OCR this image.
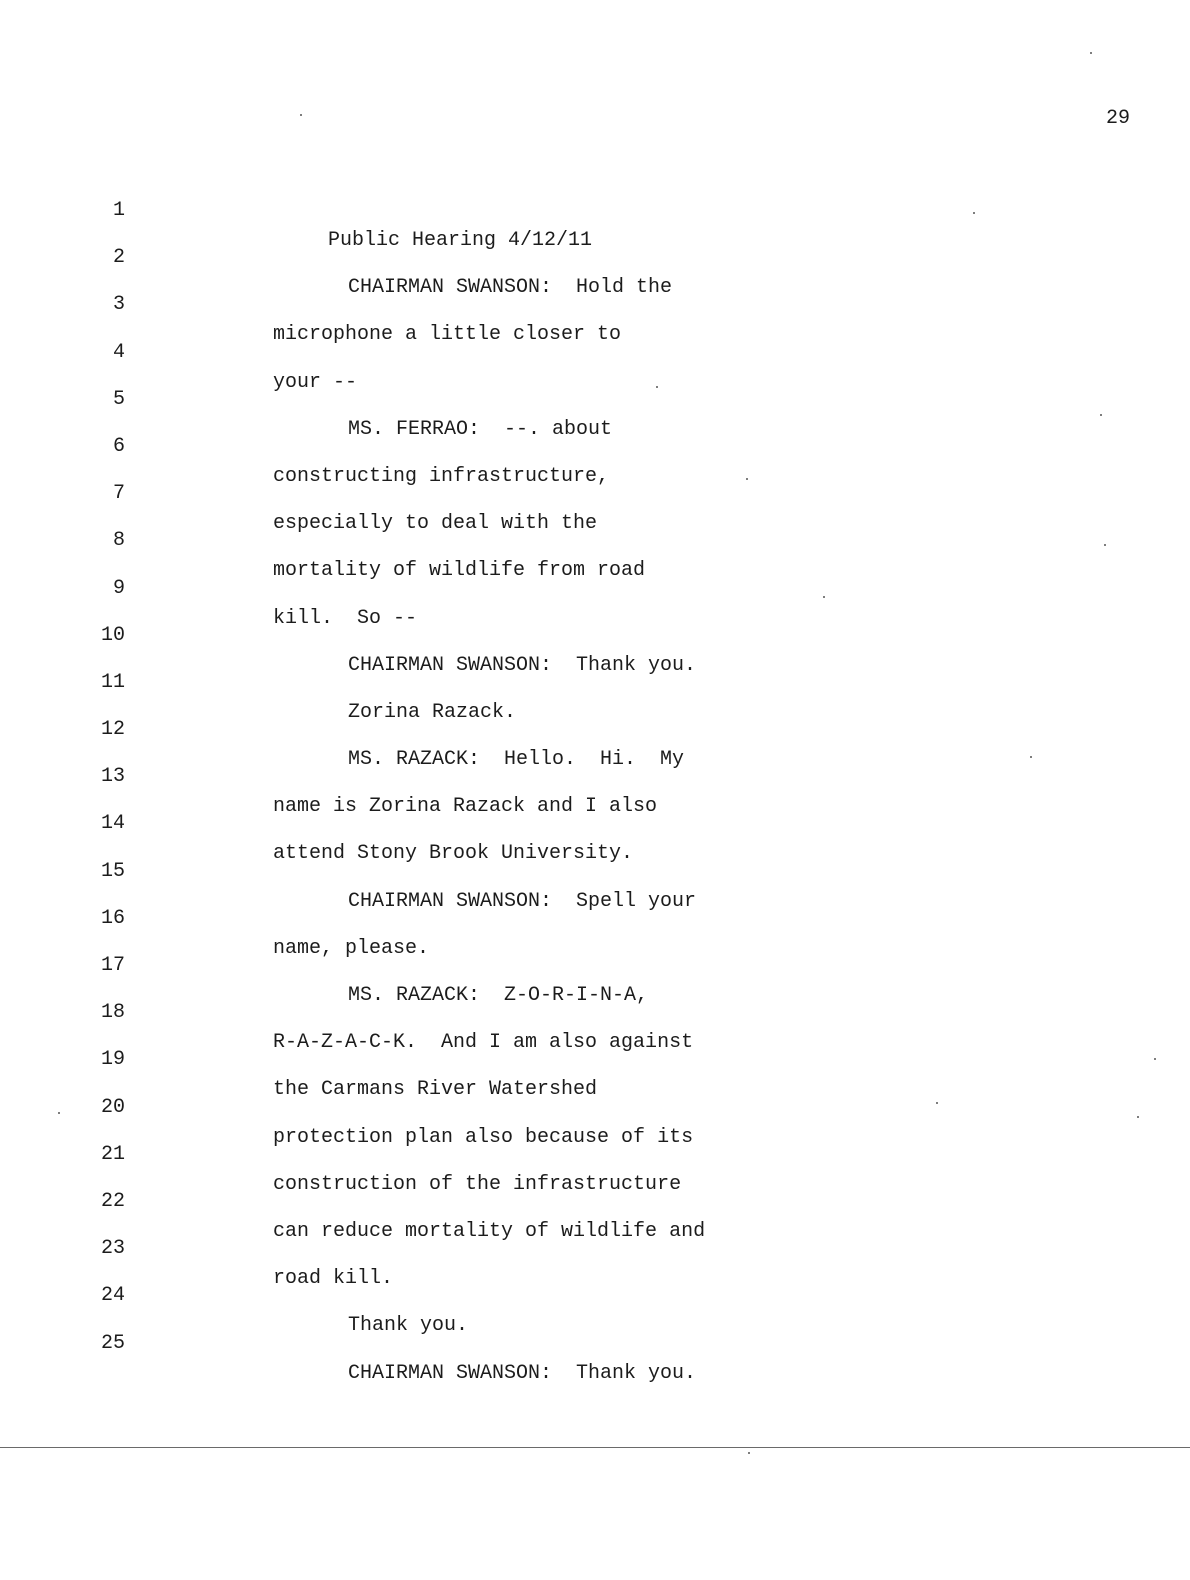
29

1

Public Hearing 4/12/11

2

CHAIRMAN SWANSON:  Hold the

3

microphone a little closer to

4

your --

5

MS. FERRAO:  --. about

6

constructing infrastructure,

7

especially to deal with the

8

mortality of wildlife from road

9

kill.  So --

10

CHAIRMAN SWANSON:  Thank you.

11

Zorina Razack.

12

MS. RAZACK:  Hello.  Hi.  My

13

name is Zorina Razack and I also

14

attend Stony Brook University.

15

CHAIRMAN SWANSON:  Spell your

16

name, please.

17

MS. RAZACK:  Z-O-R-I-N-A,

18

R-A-Z-A-C-K.  And I am also against

19

the Carmans River Watershed

20

protection plan also because of its

21

construction of the infrastructure

22

can reduce mortality of wildlife and

23

road kill.

24

Thank you.

25

CHAIRMAN SWANSON:  Thank you.
